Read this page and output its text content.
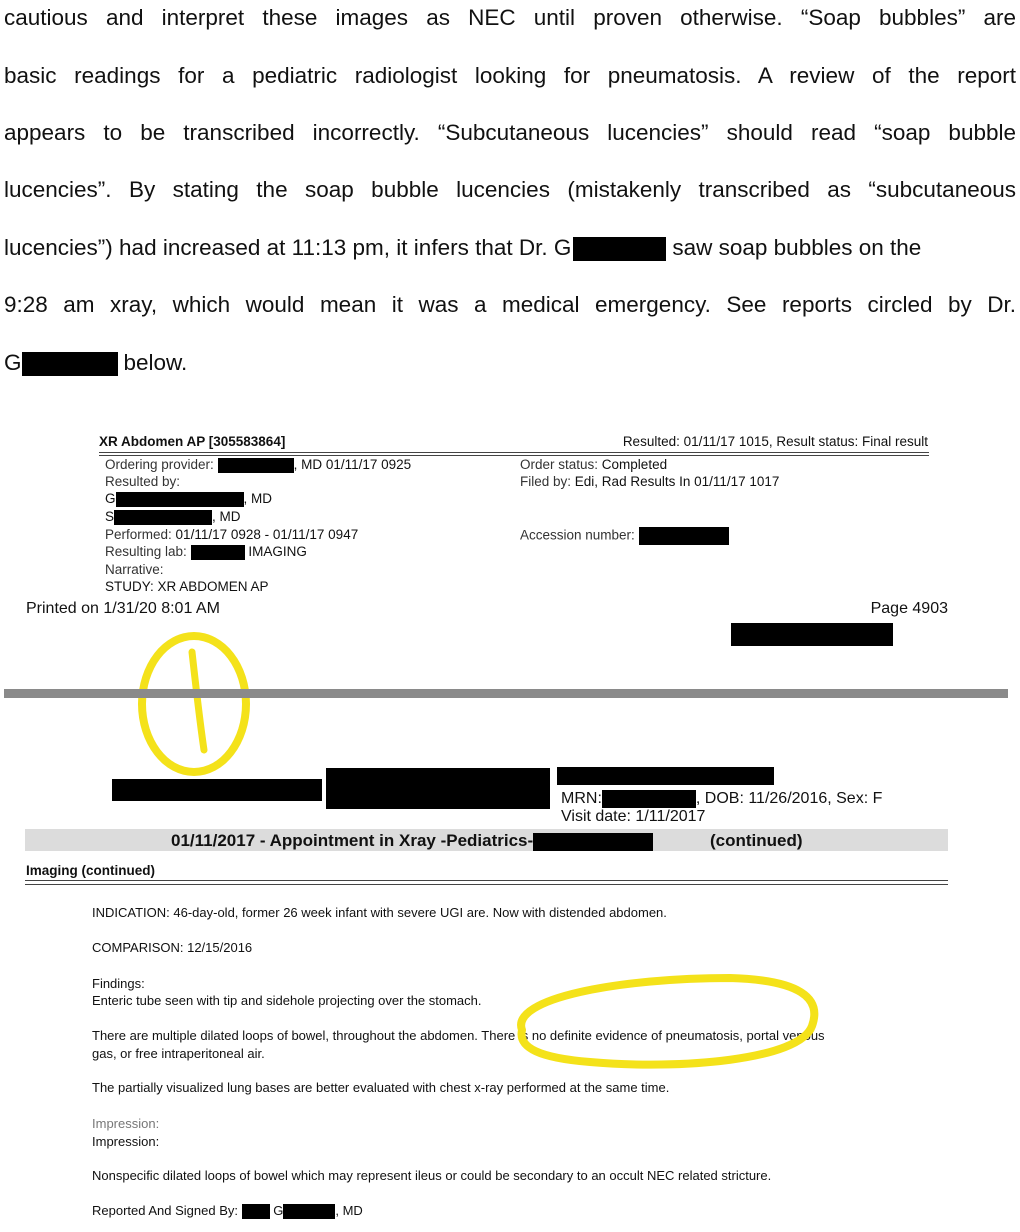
cautious and interpret these images as NEC until proven otherwise. “Soap bubbles” are
basic readings for a pediatric radiologist looking for pneumatosis. A review of the report
appears to be transcribed incorrectly. “Subcutaneous lucencies” should read “soap bubble
lucencies”. By stating the soap bubble lucencies (mistakenly transcribed as “subcutaneous
lucencies”) had increased at 11:13 pm, it infers that Dr. G	saw soap bubbles on the
9:28 am xray, which would mean it was a medical emergency. See reports circled by Dr.
G	below.
XR Abdomen AP [305583864]	Resulted: 01/11/17 1015, Result status: Final result
Ordering provider:	, MD 01/11/17 0925
Resulted by:
G	, MD
S	, MD
Performed: 01/11/17 0928 - 01/11/17 0947
Resulting lab:	IMAGING
Narrative:
STUDY: XR ABDOMEN AP
Order status: Completed
Filed by: Edi, Rad Results In 01/11/17 1017
Accession number:
Printed on 1/31/20 8:01 AM	Page 4903
MRN:	, DOB: 11/26/2016, Sex: F
Visit date: 1/11/2017
01/11/2017 - Appointment in Xray -Pediatrics-	(continued)
Imaging (continued)
INDICATION: 46-day-old, former 26 week infant with severe UGI are. Now with distended abdomen.
COMPARISON: 12/15/2016
Findings:
Enteric tube seen with tip and sidehole projecting over the stomach.
There are multiple dilated loops of bowel, throughout the abdomen. There is no definite evidence of pneumatosis, portal venous
gas, or free intraperitoneal air.
The partially visualized lung bases are better evaluated with chest x-ray performed at the same time.
Impression:
Impression:
Nonspecific dilated loops of bowel which may represent ileus or could be secondary to an occult NEC related stricture.
Reported And Signed By:	G	, MD
